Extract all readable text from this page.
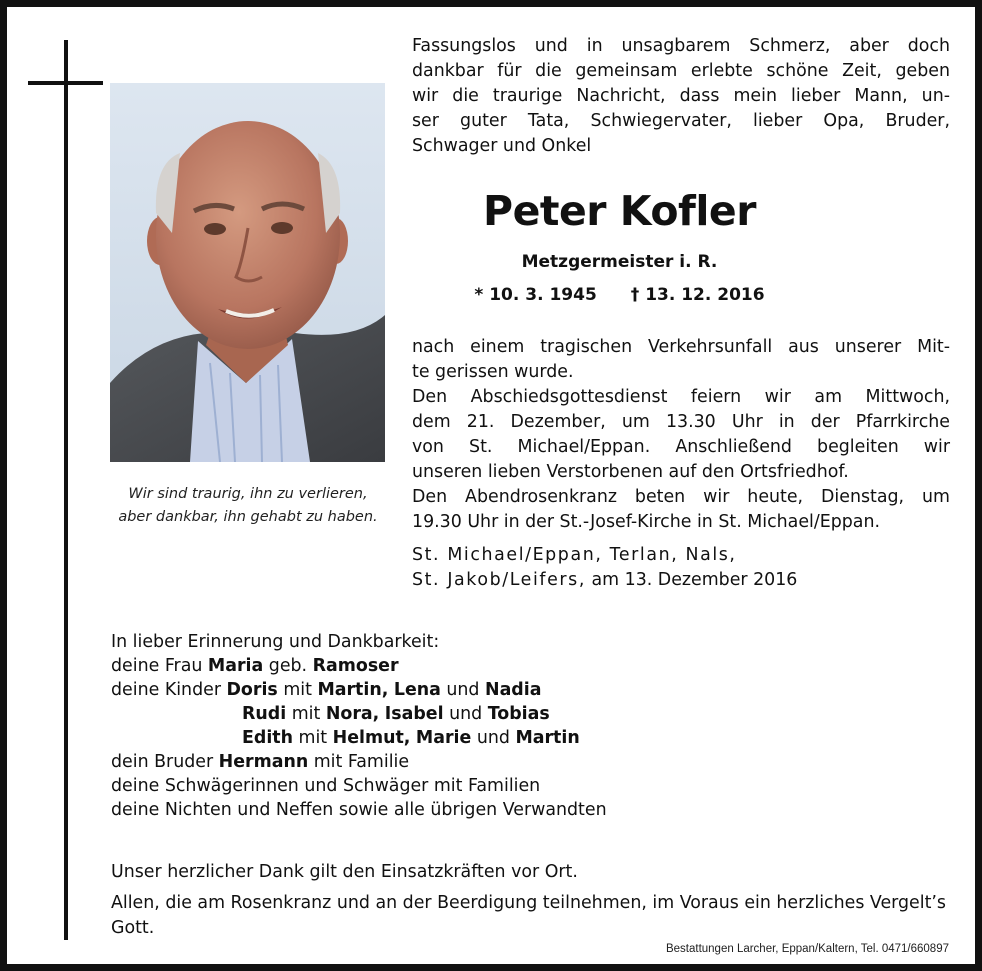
Wir sind traurig, ihn zu verlieren,
aber dankbar, ihn gehabt zu haben.
Fassungslos und in unsagbarem Schmerz, aber doch
dankbar für die gemeinsam erlebte schöne Zeit, geben
wir die traurige Nachricht, dass mein lieber Mann, un-
ser guter Tata, Schwiegervater, lieber Opa, Bruder,
Schwager und Onkel
Peter Kofler
Metzgermeister i. R.
* 10. 3. 1945 † 13. 12. 2016
nach einem tragischen Verkehrsunfall aus unserer Mit-
te gerissen wurde.
Den Abschiedsgottesdienst feiern wir am Mittwoch,
dem 21. Dezember, um 13.30 Uhr in der Pfarrkirche
von St. Michael/Eppan. Anschließend begleiten wir
unseren lieben Verstorbenen auf den Ortsfriedhof.
Den Abendrosenkranz beten wir heute, Dienstag, um
19.30 Uhr in der St.-Josef-Kirche in St. Michael/Eppan.
St. Michael/Eppan, Terlan, Nals,
St. Jakob/Leifers, am 13. Dezember 2016
In lieber Erinnerung und Dankbarkeit:
deine Frau Maria geb. Ramoser
deine Kinder Doris mit Martin, Lena und Nadia
Rudi mit Nora, Isabel und Tobias
Edith mit Helmut, Marie und Martin
dein Bruder Hermann mit Familie
deine Schwägerinnen und Schwäger mit Familien
deine Nichten und Neffen sowie alle übrigen Verwandten
Unser herzlicher Dank gilt den Einsatzkräften vor Ort.
Allen, die am Rosenkranz und an der Beerdigung teilnehmen, im Voraus ein herzliches Vergelt’s Gott.
Bestattungen Larcher, Eppan/Kaltern, Tel. 0471/660897
